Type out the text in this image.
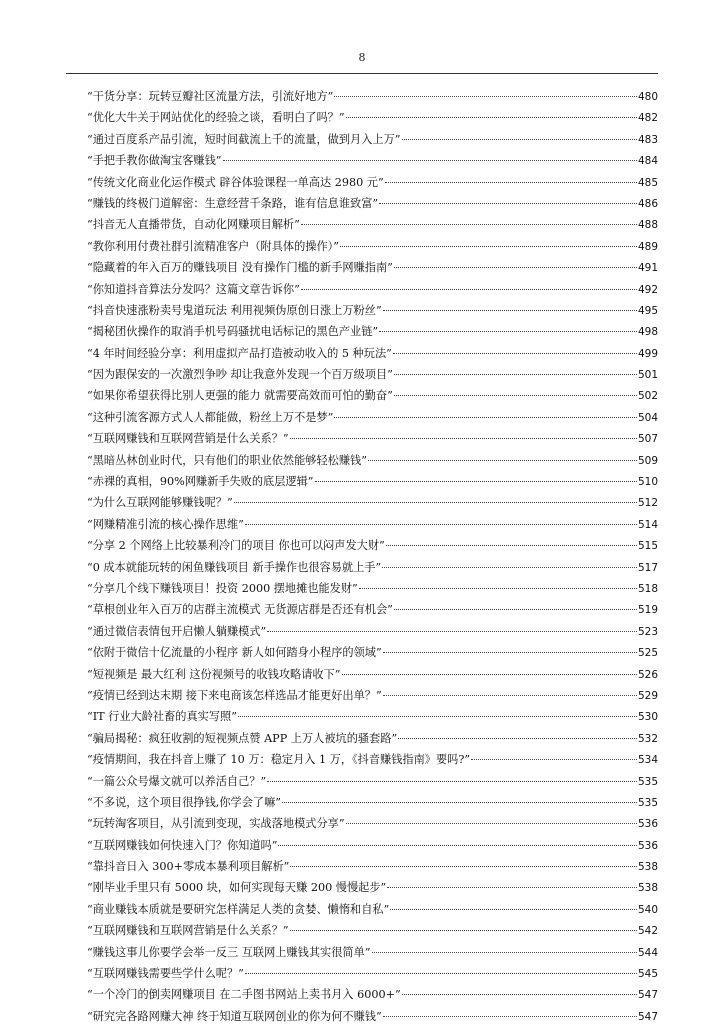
8
“干货分享：玩转豆瓣社区流量方法，引流好地方”	480
“优化大牛关于网站优化的经验之谈，看明白了吗？”	482
“通过百度系产品引流，短时间截流上千的流量，做到月入上万”	483
“手把手教你做淘宝客赚钱”	484
“传统文化商业化运作模式 辟谷体验课程一单高达 2980 元”	485
“赚钱的终极门道解密：生意经营千条路，谁有信息谁致富”	486
“抖音无人直播带货，自动化网赚项目解析”	488
“教你利用付费社群引流精准客户（附具体的操作）”	489
“隐藏着的年入百万的赚钱项目 没有操作门槛的新手网赚指南”	491
“你知道抖音算法分发吗？这篇文章告诉你”	492
“抖音快速涨粉卖号鬼道玩法 利用视频伪原创日涨上万粉丝”	495
“揭秘团伙操作的取消手机号码骚扰电话标记的黑色产业链”	498
“4 年时间经验分享：利用虚拟产品打造被动收入的 5 种玩法”	499
“因为跟保安的一次激烈争吵 却让我意外发现一个百万级项目”	501
“如果你希望获得比别人更强的能力 就需要高效而可怕的勤奋”	502
“这种引流客源方式人人都能做，粉丝上万不是梦”	504
“互联网赚钱和互联网营销是什么关系？”	507
“黑暗丛林创业时代，只有他们的职业依然能够轻松赚钱”	509
“赤裸的真相，90%网赚新手失败的底层逻辑”	510
“为什么互联网能够赚钱呢？”	512
“网赚精准引流的核心操作思维”	514
“分享 2 个网络上比较暴利冷门的项目 你也可以闷声发大财”	515
“0 成本就能玩转的闲鱼赚钱项目 新手操作也很容易就上手”	517
“分享几个线下赚钱项目！投资 2000 摆地摊也能发财”	518
“草根创业年入百万的店群主流模式 无货源店群是否还有机会”	519
“通过微信表情包开启懒人躺赚模式”	523
“依附于微信十亿流量的小程序 新人如何踏身小程序的领域”	525
“短视频是 最大红利 这份视频号的收钱攻略请收下”	526
“疫情已经到达末期 接下来电商该怎样选品才能更好出单？”	529
“IT 行业大龄社畜的真实写照”	530
“骗局揭秘：疯狂收割的短视频点赞 APP 上万人被坑的骚套路”	532
“疫情期间，我在抖音上赚了 10 万：稳定月入 1 万，《抖音赚钱指南》要吗?”	534
“一篇公众号爆文就可以养活自己？”	535
“不多说，这个项目很挣钱,你学会了嘛”	535
“玩转淘客项目，从引流到变现，实战落地模式分享”	536
“互联网赚钱如何快速入门？你知道吗”	536
“靠抖音日入 300+零成本暴利项目解析”	538
“刚毕业手里只有 5000 块，如何实现每天赚 200 慢慢起步”	538
“商业赚钱本质就是要研究怎样满足人类的贪婪、懒惰和自私”	540
“互联网赚钱和互联网营销是什么关系？”	542
“赚钱这事儿你要学会举一反三 互联网上赚钱其实很简单”	544
“互联网赚钱需要些学什么呢？”	545
“一个冷门的倒卖网赚项目 在二手图书网站上卖书月入 6000+”	547
“研究完各路网赚大神 终于知道互联网创业的你为何不赚钱”	547
